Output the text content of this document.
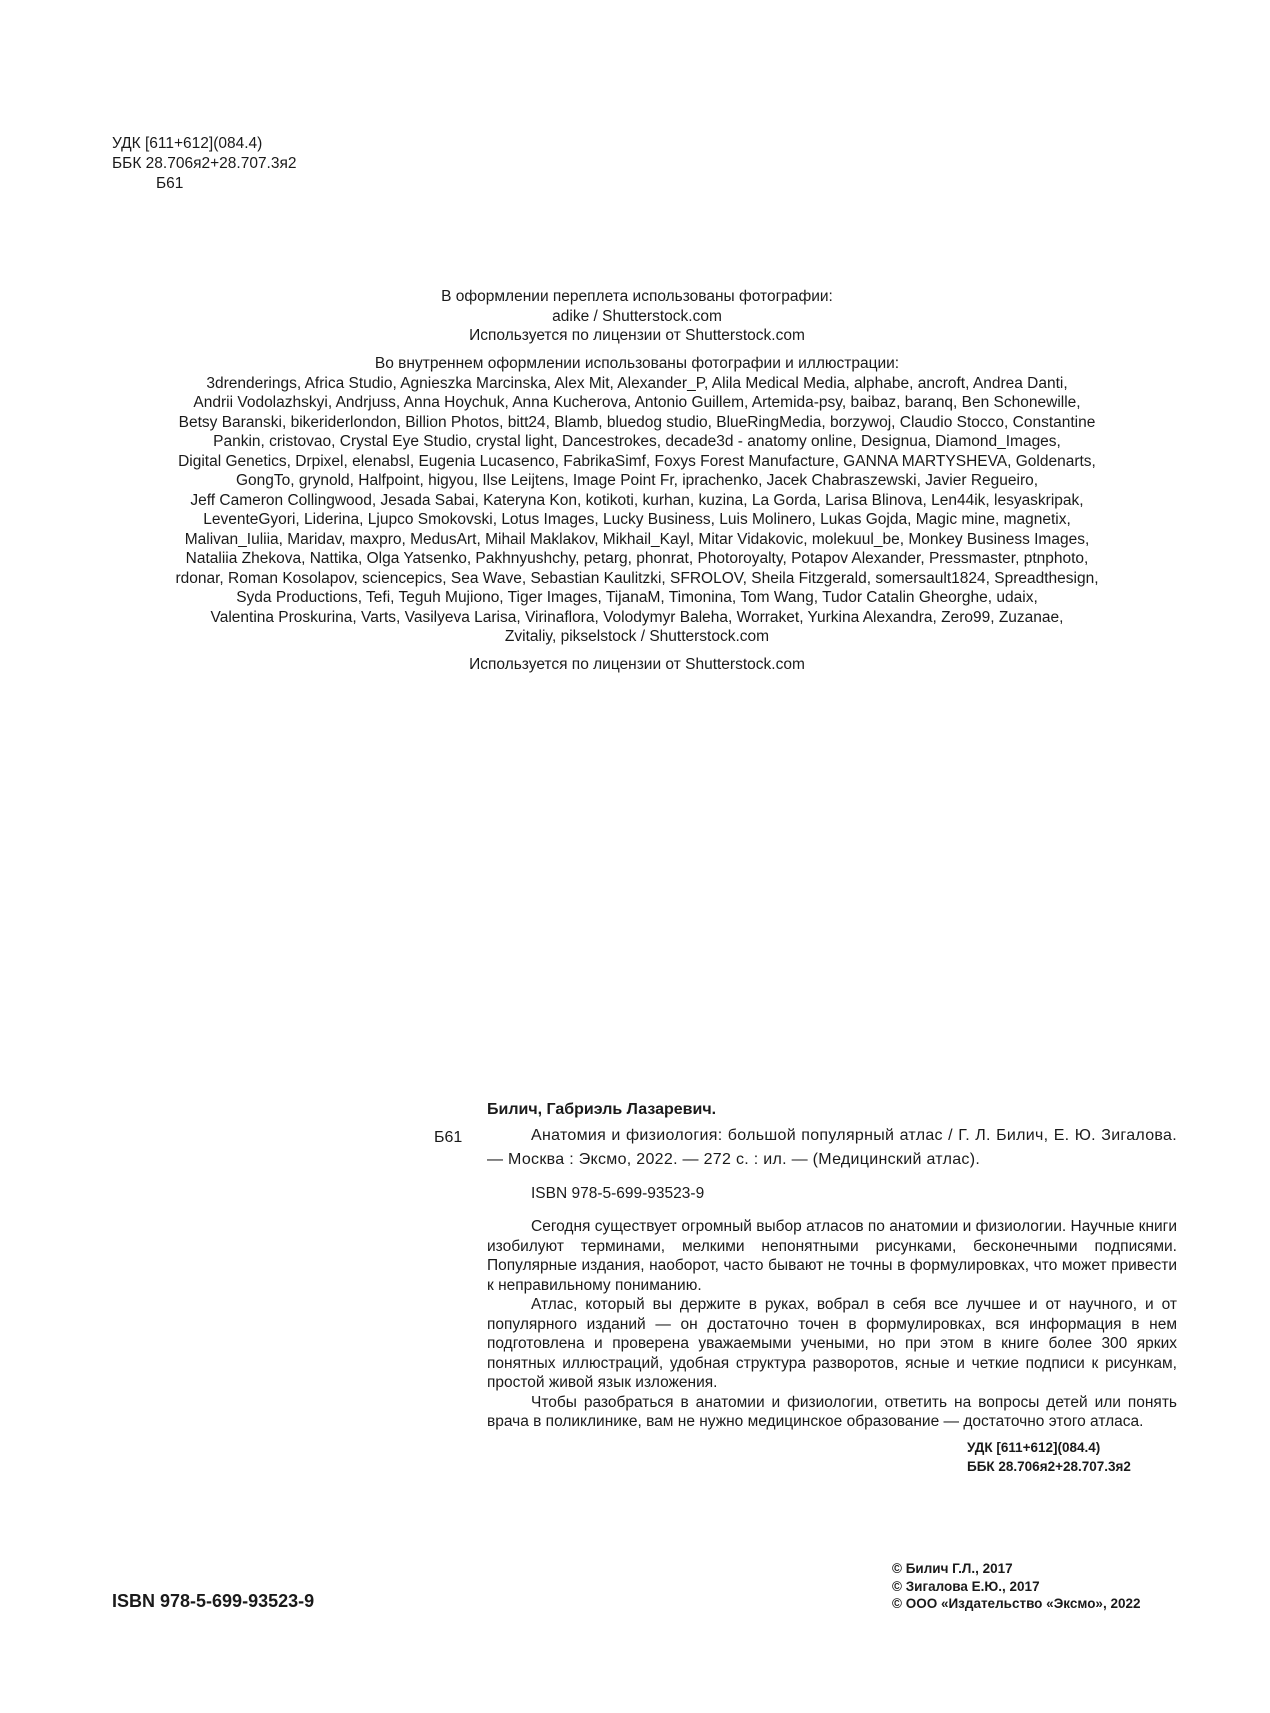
УДК [611+612](084.4)
ББК 28.706я2+28.707.3я2
Б61
В оформлении переплета использованы фотографии:
adike / Shutterstock.com
Используется по лицензии от Shutterstock.com
Во внутреннем оформлении использованы фотографии и иллюстрации:
3drenderings, Africa Studio, Agnieszka Marcinska, Alex Mit, Alexander_P, Alila Medical Media, alphabe, ancroft, Andrea Danti,
Andrii Vodolazhskyi, Andrjuss, Anna Hoychuk, Anna Kucherova, Antonio Guillem, Artemida-psy, baibaz, baranq, Ben Schonewille,
Betsy Baranski, bikeriderlondon, Billion Photos, bitt24, Blamb, bluedog studio, BlueRingMedia, borzywoj, Claudio Stocco, Constantine
Pankin, cristovao, Crystal Eye Studio, crystal light, Dancestrokes, decade3d - anatomy online, Designua, Diamond_Images,
Digital Genetics, Drpixel, elenabsl, Eugenia Lucasenco, FabrikaSimf, Foxys Forest Manufacture, GANNA MARTYSHEVA, Goldenarts,
GongTo, grynold, Halfpoint, higyou, Ilse Leijtens, Image Point Fr, iprachenko, Jacek Chabraszewski, Javier Regueiro,
Jeff Cameron Collingwood, Jesada Sabai, Kateryna Kon, kotikoti, kurhan, kuzina, La Gorda, Larisa Blinova, Len44ik, lesyaskripak,
LeventeGyori, Liderina, Ljupco Smokovski, Lotus Images, Lucky Business, Luis Molinero, Lukas Gojda, Magic mine, magnetix,
Malivan_Iuliia, Maridav, maxpro, MedusArt, Mihail Maklakov, Mikhail_Kayl, Mitar Vidakovic, molekuul_be, Monkey Business Images,
Nataliia Zhekova, Nattika, Olga Yatsenko, Pakhnyushchy, petarg, phonrat, Photoroyalty, Potapov Alexander, Pressmaster, ptnphoto,
rdonar, Roman Kosolapov, sciencepics, Sea Wave, Sebastian Kaulitzki, SFROLOV, Sheila Fitzgerald, somersault1824, Spreadthesign,
Syda Productions, Tefi, Teguh Mujiono, Tiger Images, TijanaM, Timonina, Tom Wang, Tudor Catalin Gheorghe, udaix,
Valentina Proskurina, Varts, Vasilyeva Larisa, Virinaflora, Volodymyr Baleha, Worraket, Yurkina Alexandra, Zero99, Zuzanae,
Zvitaliy, pikselstock / Shutterstock.com
Используется по лицензии от Shutterstock.com
Б61
Билич, Габриэль Лазаревич.
Анатомия и физиология: большой популярный атлас / Г. Л. Билич, Е. Ю. Зигалова. — Москва : Эксмо, 2022. — 272 с. : ил. — (Медицинский атлас).
ISBN 978-5-699-93523-9

Сегодня существует огромный выбор атласов по анатомии и физиологии. Научные книги изобилуют терминами, мелкими непонятными рисунками, бесконечными подписями. Популярные издания, наоборот, часто бывают не точны в формулировках, что может привести к неправильному пониманию.

Атлас, который вы держите в руках, вобрал в себя все лучшее и от научного, и от популярного изданий — он достаточно точен в формулировках, вся информация в нем подготовлена и проверена уважаемыми учеными, но при этом в книге более 300 ярких понятных иллюстраций, удобная структура разворотов, ясные и четкие подписи к рисункам, простой живой язык изложения.

Чтобы разобраться в анатомии и физиологии, ответить на вопросы детей или понять врача в поликлинике, вам не нужно медицинское образование — достаточно этого атласа.

УДК [611+612](084.4)
ББК 28.706я2+28.707.3я2
ISBN 978-5-699-93523-9
© Билич Г.Л., 2017
© Зигалова Е.Ю., 2017
© ООО «Издательство «Эксмо», 2022
